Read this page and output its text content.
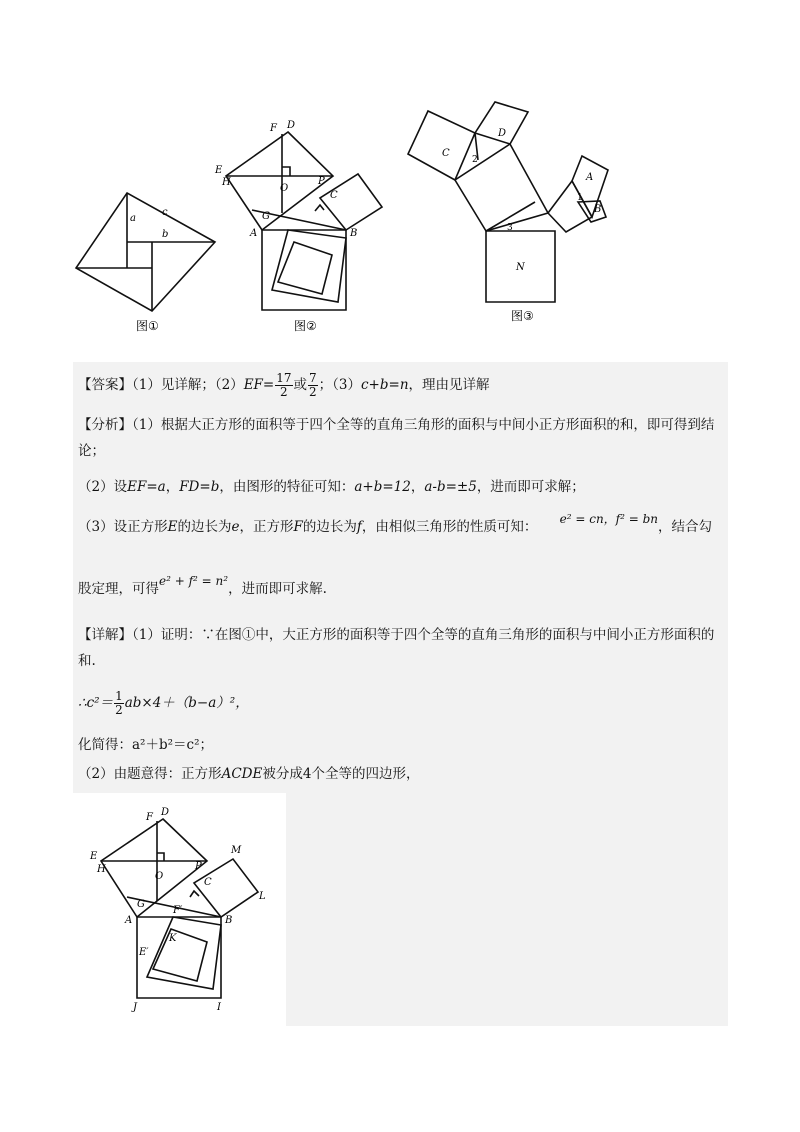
a
b
c
图①
F D
E
H
O
P
C
G
A	B
图②
C
D
2
A
1
B
3
N
图③
【答案】（1）见详解；$(2)EF= \frac{17}{2}$ 或 $\frac{7}{2}$ ；（3）c+b=n，理由见详解
【分析】（1）根据大正方形的面积等于四个全等的直角三角形的面积与中间小正方形面积的和，即可得到结论；
（2）设EF=a，FD=b，由图形的特征可知：a+b=12，a-b=±5，进而即可求解；
（3）设正方形E的边长为e，正方形F的边长为f，由相似三角形的性质可知： e² = cn，f² = bn，结合勾
股定理，可得e² + f² = n²，进而即可求解.
【详解】（1）证明：∵在图①中，大正方形的面积等于四个全等的直角三角形的面积与中间小正方形面积的和.
∴c²＝ $\frac{1}{2} ab\times 4+(b-a)^2$，
化简得：a²＋b²＝c²；
（2）由题意得：正方形ACDE被分成4个全等的四边形，
F D
E
H
O
P
M
C
L
G
A
F′
B
K
E′
J	I
